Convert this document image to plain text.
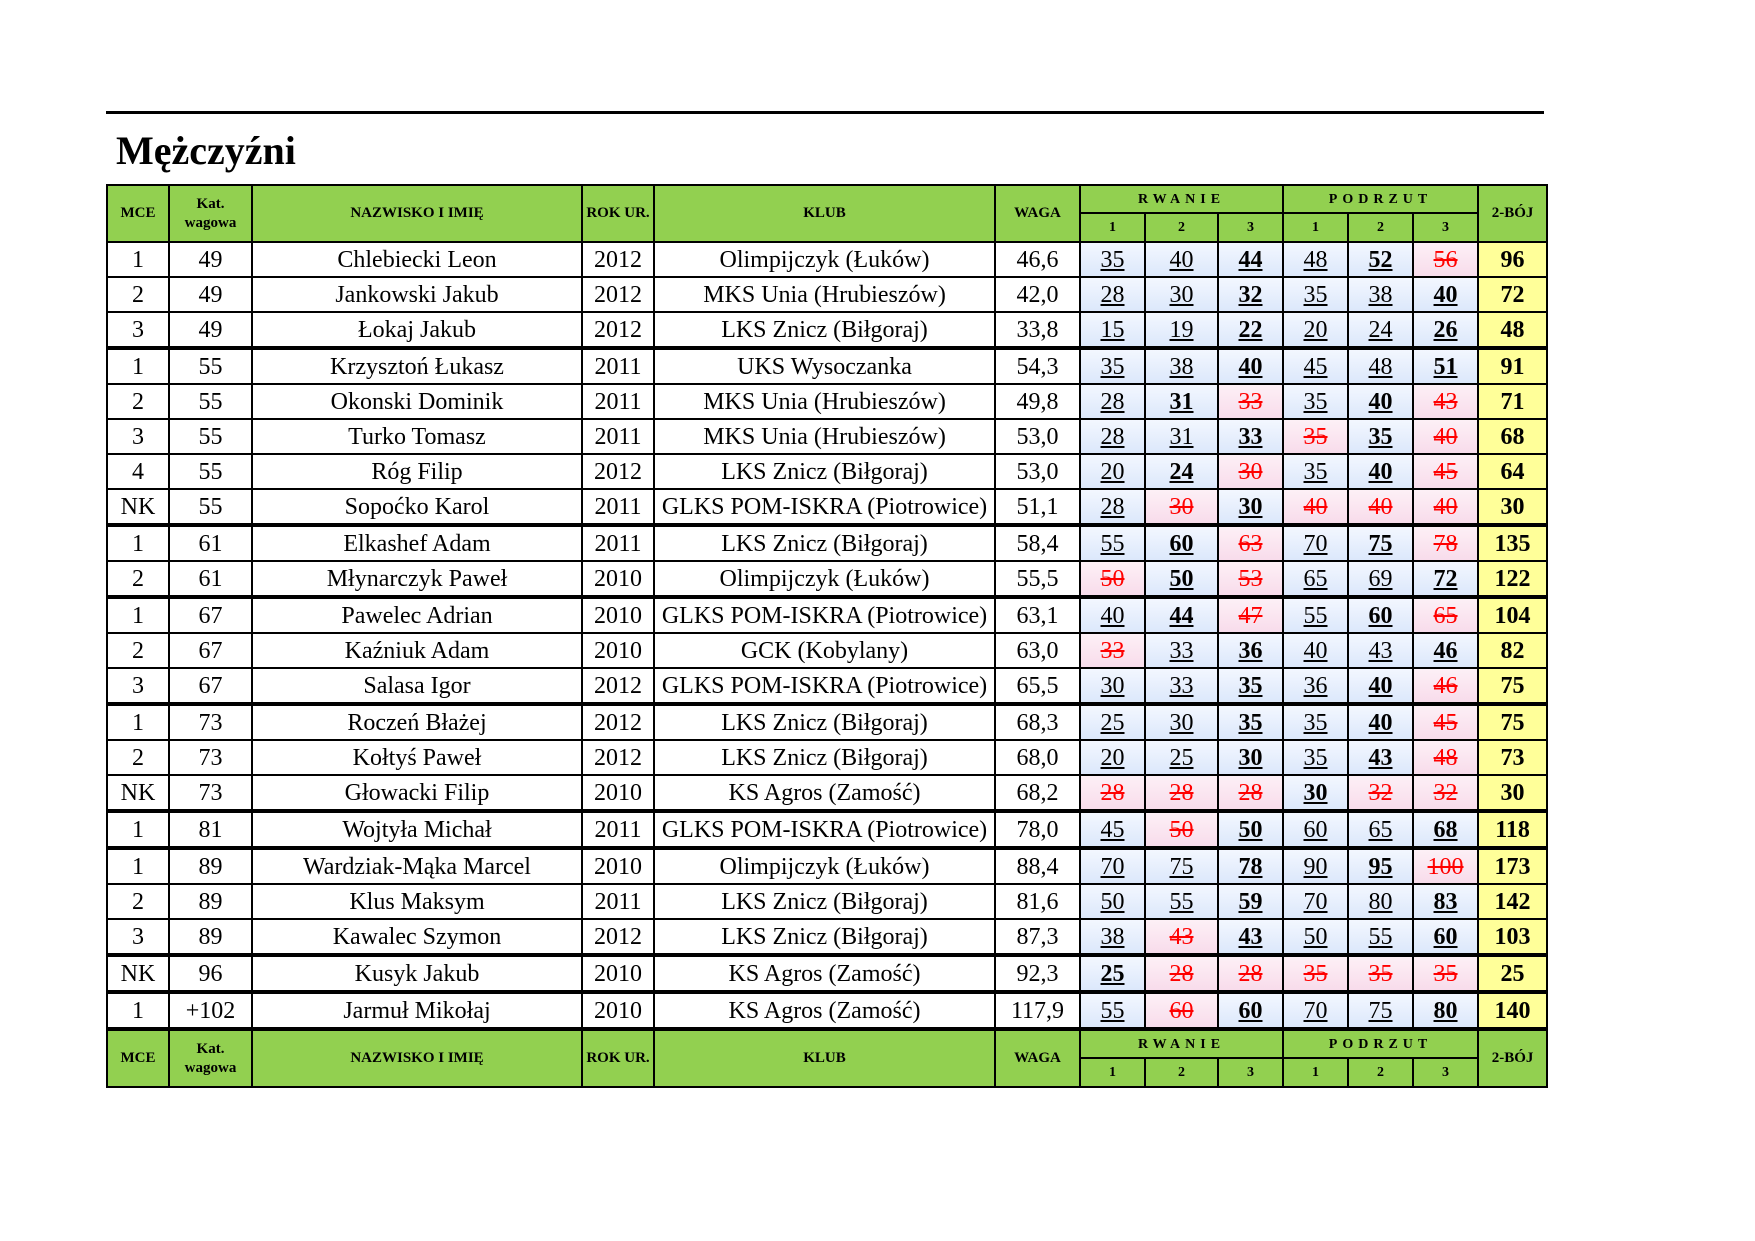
Mężczyźni
MCE	Kat. wagowa	NAZWISKO I IMIĘ	ROK UR.	KLUB	WAGA	RWANIE			PODRZUT			2-BÓJ
						1	2	3	1	2	3	
1	49	Chlebiecki Leon	2012	Olimpijczyk (Łuków)	46,6	35	40	44	48	52	56	96
2	49	Jankowski Jakub	2012	MKS Unia (Hrubieszów)	42,0	28	30	32	35	38	40	72
3	49	Łokaj Jakub	2012	LKS Znicz (Biłgoraj)	33,8	15	19	22	20	24	26	48
1	55	Krzysztoń Łukasz	2011	UKS Wysoczanka	54,3	35	38	40	45	48	51	91
2	55	Okonski Dominik	2011	MKS Unia (Hrubieszów)	49,8	28	31	33	35	40	43	71
3	55	Turko Tomasz	2011	MKS Unia (Hrubieszów)	53,0	28	31	33	35	35	40	68
4	55	Róg Filip	2012	LKS Znicz (Biłgoraj)	53,0	20	24	30	35	40	45	64
NK	55	Sopoćko Karol	2011	GLKS POM-ISKRA (Piotrowice)	51,1	28	30	30	40	40	40	30
1	61	Elkashef Adam	2011	LKS Znicz (Biłgoraj)	58,4	55	60	63	70	75	78	135
2	61	Młynarczyk Paweł	2010	Olimpijczyk (Łuków)	55,5	50	50	53	65	69	72	122
1	67	Pawelec Adrian	2010	GLKS POM-ISKRA (Piotrowice)	63,1	40	44	47	55	60	65	104
2	67	Kaźniuk Adam	2010	GCK (Kobylany)	63,0	33	33	36	40	43	46	82
3	67	Salasa Igor	2012	GLKS POM-ISKRA (Piotrowice)	65,5	30	33	35	36	40	46	75
1	73	Roczeń Błażej	2012	LKS Znicz (Biłgoraj)	68,3	25	30	35	35	40	45	75
2	73	Kołtyś Paweł	2012	LKS Znicz (Biłgoraj)	68,0	20	25	30	35	43	48	73
NK	73	Głowacki Filip	2010	KS Agros (Zamość)	68,2	28	28	28	30	32	32	30
1	81	Wojtyła Michał	2011	GLKS POM-ISKRA (Piotrowice)	78,0	45	50	50	60	65	68	118
1	89	Wardziak-Mąka Marcel	2010	Olimpijczyk (Łuków)	88,4	70	75	78	90	95	100	173
2	89	Klus Maksym	2011	LKS Znicz (Biłgoraj)	81,6	50	55	59	70	80	83	142
3	89	Kawalec Szymon	2012	LKS Znicz (Biłgoraj)	87,3	38	43	43	50	55	60	103
NK	96	Kusyk Jakub	2010	KS Agros (Zamość)	92,3	25	28	28	35	35	35	25
1	+102	Jarmuł Mikołaj	2010	KS Agros (Zamość)	117,9	55	60	60	70	75	80	140
MCE	Kat. wagowa	NAZWISKO I IMIĘ	ROK UR.	KLUB	WAGA	RWANIE			PODRZUT			2-BÓJ
						1	2	3	1	2	3	
